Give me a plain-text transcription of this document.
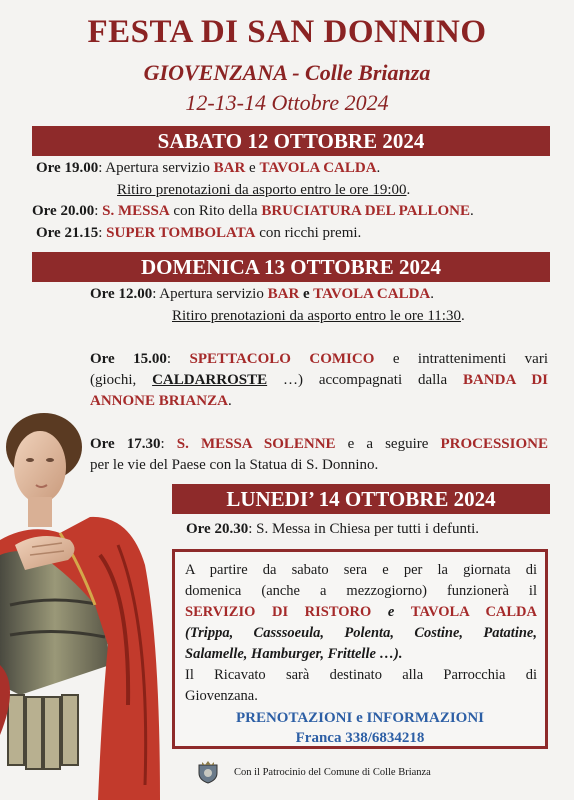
FESTA DI SAN DONNINO
GIOVENZANA - Colle Brianza
12-13-14 Ottobre 2024
SABATO 12 OTTOBRE 2024
Ore 19.00: Apertura servizio BAR e TAVOLA CALDA.
Ritiro prenotazioni da asporto entro le ore 19:00.
Ore 20.00: S. MESSA con Rito della BRUCIATURA DEL PALLONE.
Ore 21.15: SUPER TOMBOLATA con ricchi premi.
DOMENICA 13 OTTOBRE 2024
Ore 12.00: Apertura servizio BAR e TAVOLA CALDA.
Ritiro prenotazioni da asporto entro le ore 11:30.
Ore 15.00: SPETTACOLO COMICO e intrattenimenti vari
(giochi, CALDARROSTE …) accompagnati dalla BANDA DI
ANNONE BRIANZA.
Ore 17.30: S. MESSA SOLENNE e a seguire PROCESSIONE
per le vie del Paese con la Statua di S. Donnino.
LUNEDI’ 14 OTTOBRE 2024
Ore 20.30: S. Messa in Chiesa per tutti i defunti.
A partire da sabato sera e per la giornata di
domenica (anche a mezzogiorno) funzionerà il
SERVIZIO DI RISTORO e TAVOLA CALDA
(Trippa, Casssoeula, Polenta, Costine, Patatine,
Salamelle, Hamburger, Frittelle …).
Il Ricavato sarà destinato alla Parrocchia di
Giovenzana.
PRENOTAZIONI e INFORMAZIONI
Franca 338/6834218
Con il Patrocinio del Comune di Colle Brianza
